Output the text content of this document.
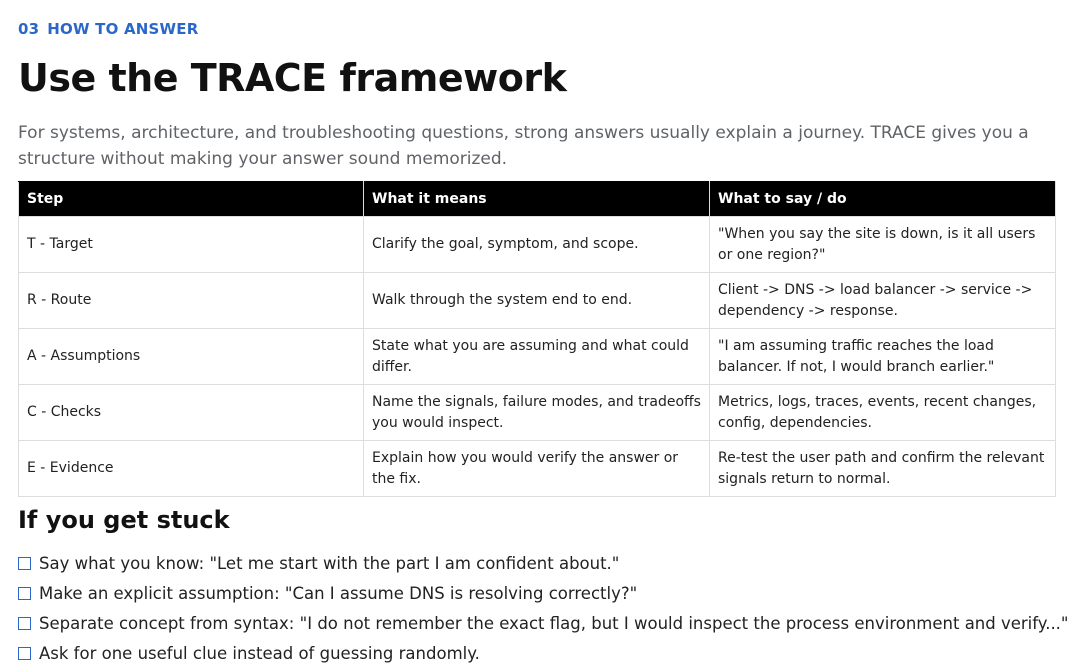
03 HOW TO ANSWER
Use the TRACE framework

For systems, architecture, and troubleshooting questions, strong answers usually explain a journey. TRACE gives you a structure without making your answer sound memorized.

Step	What it means	What to say / do
T - Target	Clarify the goal, symptom, and scope.	"When you say the site is down, is it all users or one region?"
R - Route	Walk through the system end to end.	Client -> DNS -> load balancer -> service -> dependency -> response.
A - Assumptions	State what you are assuming and what could differ.	"I am assuming traffic reaches the load balancer. If not, I would branch earlier."
C - Checks	Name the signals, failure modes, and tradeoffs you would inspect.	Metrics, logs, traces, events, recent changes, config, dependencies.
E - Evidence	Explain how you would verify the answer or the fix.	Re-test the user path and confirm the relevant signals return to normal.
If you get stuck
Say what you know: "Let me start with the part I am confident about."
Make an explicit assumption: "Can I assume DNS is resolving correctly?"
Separate concept from syntax: "I do not remember the exact flag, but I would inspect the process environment and verify..."
Ask for one useful clue instead of guessing randomly.
